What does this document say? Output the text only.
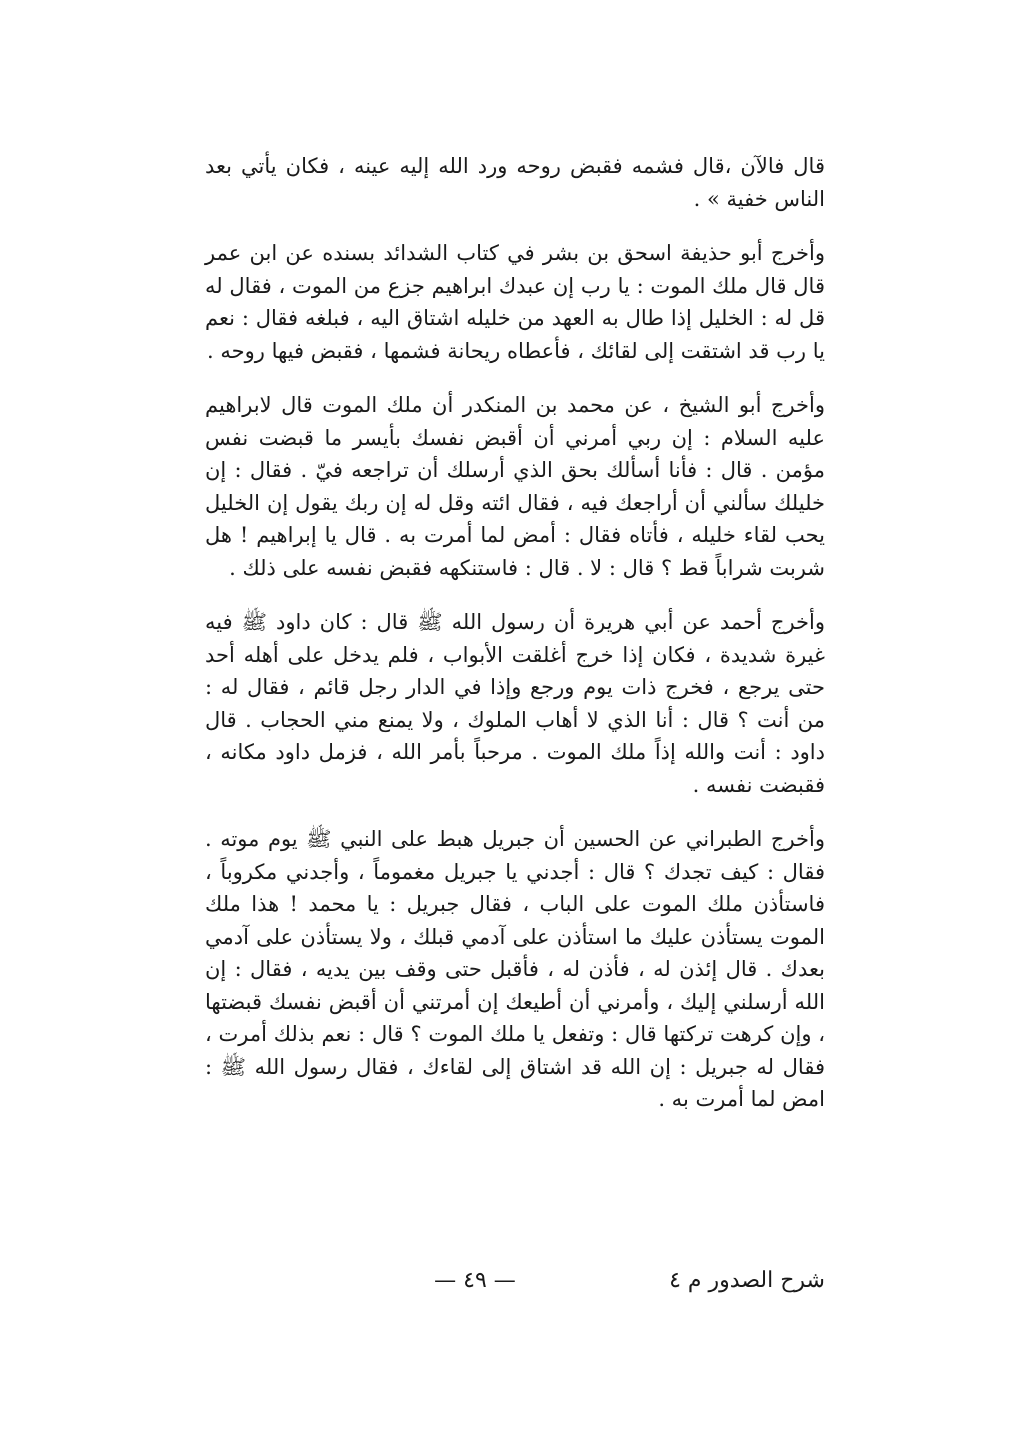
قال فالآن ،قال فشمه فقبض روحه ورد الله إليه عينه ، فكان يأتي بعد الناس خفية » .

وأخرج أبو حذيفة اسحق بن بشر في كتاب الشدائد بسنده عن ابن عمر قال قال ملك الموت : يا رب إن عبدك ابراهيم جزع من الموت ، فقال له قل له : الخليل إذا طال به العهد من خليله اشتاق اليه ، فبلغه فقال : نعم يا رب قد اشتقت إلى لقائك ، فأعطاه ريحانة فشمها ، فقبض فيها روحه .

وأخرج أبو الشيخ ، عن محمد بن المنكدر أن ملك الموت قال لابراهيم عليه السلام : إن ربي أمرني أن أقبض نفسك بأيسر ما قبضت نفس مؤمن . قال : فأنا أسألك بحق الذي أرسلك أن تراجعه فيّ . فقال : إن خليلك سألني أن أراجعك فيه ، فقال ائته وقل له إن ربك يقول إن الخليل يحب لقاء خليله ، فأتاه فقال : أمض لما أمرت به . قال يا إبراهيم ! هل شربت شراباً قط ؟ قال : لا . قال : فاستنكهه فقبض نفسه على ذلك .

وأخرج أحمد عن أبي هريرة أن رسول الله ﷺ قال : كان داود ﷺ فيه غيرة شديدة ، فكان إذا خرج أغلقت الأبواب ، فلم يدخل على أهله أحد حتى يرجع ، فخرج ذات يوم ورجع وإذا في الدار رجل قائم ، فقال له : من أنت ؟ قال : أنا الذي لا أهاب الملوك ، ولا يمنع مني الحجاب . قال داود : أنت والله إذاً ملك الموت . مرحباً بأمر الله ، فزمل داود مكانه ، فقبضت نفسه .

وأخرج الطبراني عن الحسين أن جبريل هبط على النبي ﷺ يوم موته . فقال : كيف تجدك ؟ قال : أجدني يا جبريل مغموماً ، وأجدني مكروباً ، فاستأذن ملك الموت على الباب ، فقال جبريل : يا محمد ! هذا ملك الموت يستأذن عليك ما استأذن على آدمي قبلك ، ولا يستأذن على آدمي بعدك . قال إئذن له ، فأذن له ، فأقبل حتى وقف بين يديه ، فقال : إن الله أرسلني إليك ، وأمرني أن أطيعك إن أمرتني أن أقبض نفسك قبضتها ، وإن كرهت تركتها قال : وتفعل يا ملك الموت ؟ قال : نعم بذلك أمرت ، فقال له جبريل : إن الله قد اشتاق إلى لقاءك ، فقال رسول الله ﷺ : امض لما أمرت به .

شرح الصدور م ٤
— ٤٩ —
